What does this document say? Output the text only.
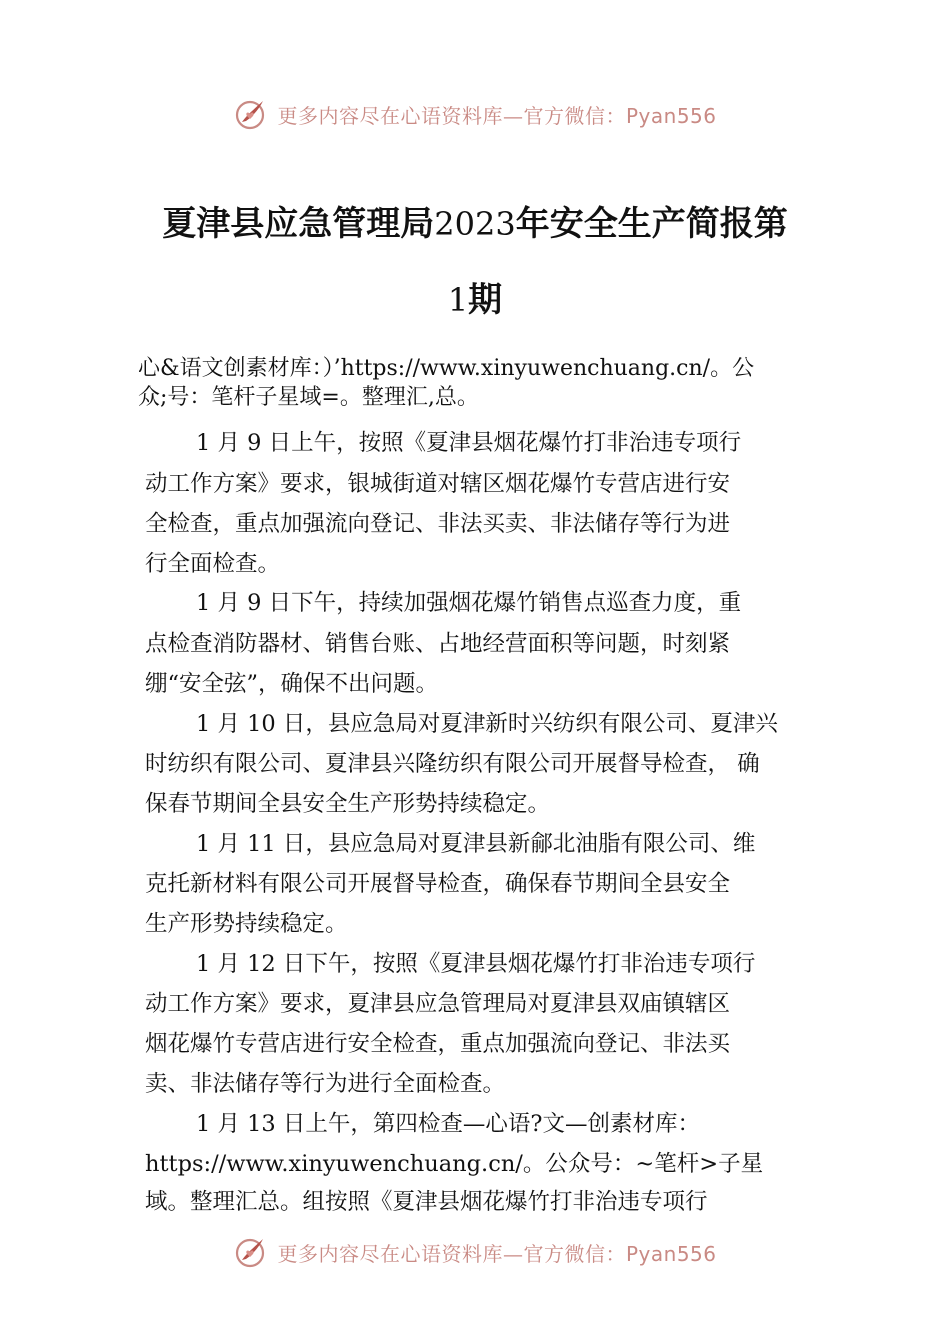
更多内容尽在心语资料库—官方微信：Pyan556
夏津县应急管理局2023年安全生产简报第
1期
心&语文创素材库：）’https://www.xinyuwenchuang.cn/。公
众;号：笔杆子星域=。整理汇,总。
1 月 9 日上午，按照《夏津县烟花爆竹打非治违专项行
动工作方案》要求，银城街道对辖区烟花爆竹专营店进行安
全检查，重点加强流向登记、非法买卖、非法储存等行为进
行全面检查。
1 月 9 日下午，持续加强烟花爆竹销售点巡查力度，重
点检查消防器材、销售台账、占地经营面积等问题，时刻紧
绷“安全弦”，确保不出问题。
1 月 10 日，县应急局对夏津新时兴纺织有限公司、夏津兴
时纺织有限公司、夏津县兴隆纺织有限公司开展督导检查， 确
保春节期间全县安全生产形势持续稳定。
1 月 11 日，县应急局对夏津县新鄃北油脂有限公司、维
克托新材料有限公司开展督导检查，确保春节期间全县安全
生产形势持续稳定。
1 月 12 日下午，按照《夏津县烟花爆竹打非治违专项行
动工作方案》要求，夏津县应急管理局对夏津县双庙镇辖区
烟花爆竹专营店进行安全检查，重点加强流向登记、非法买
卖、非法储存等行为进行全面检查。
1 月 13 日上午，第四检查—心语?文—创素材库：
https://www.xinyuwenchuang.cn/。公众号：~笔杆>子星
域。整理汇总。组按照《夏津县烟花爆竹打非治违专项行
更多内容尽在心语资料库—官方微信：Pyan556
